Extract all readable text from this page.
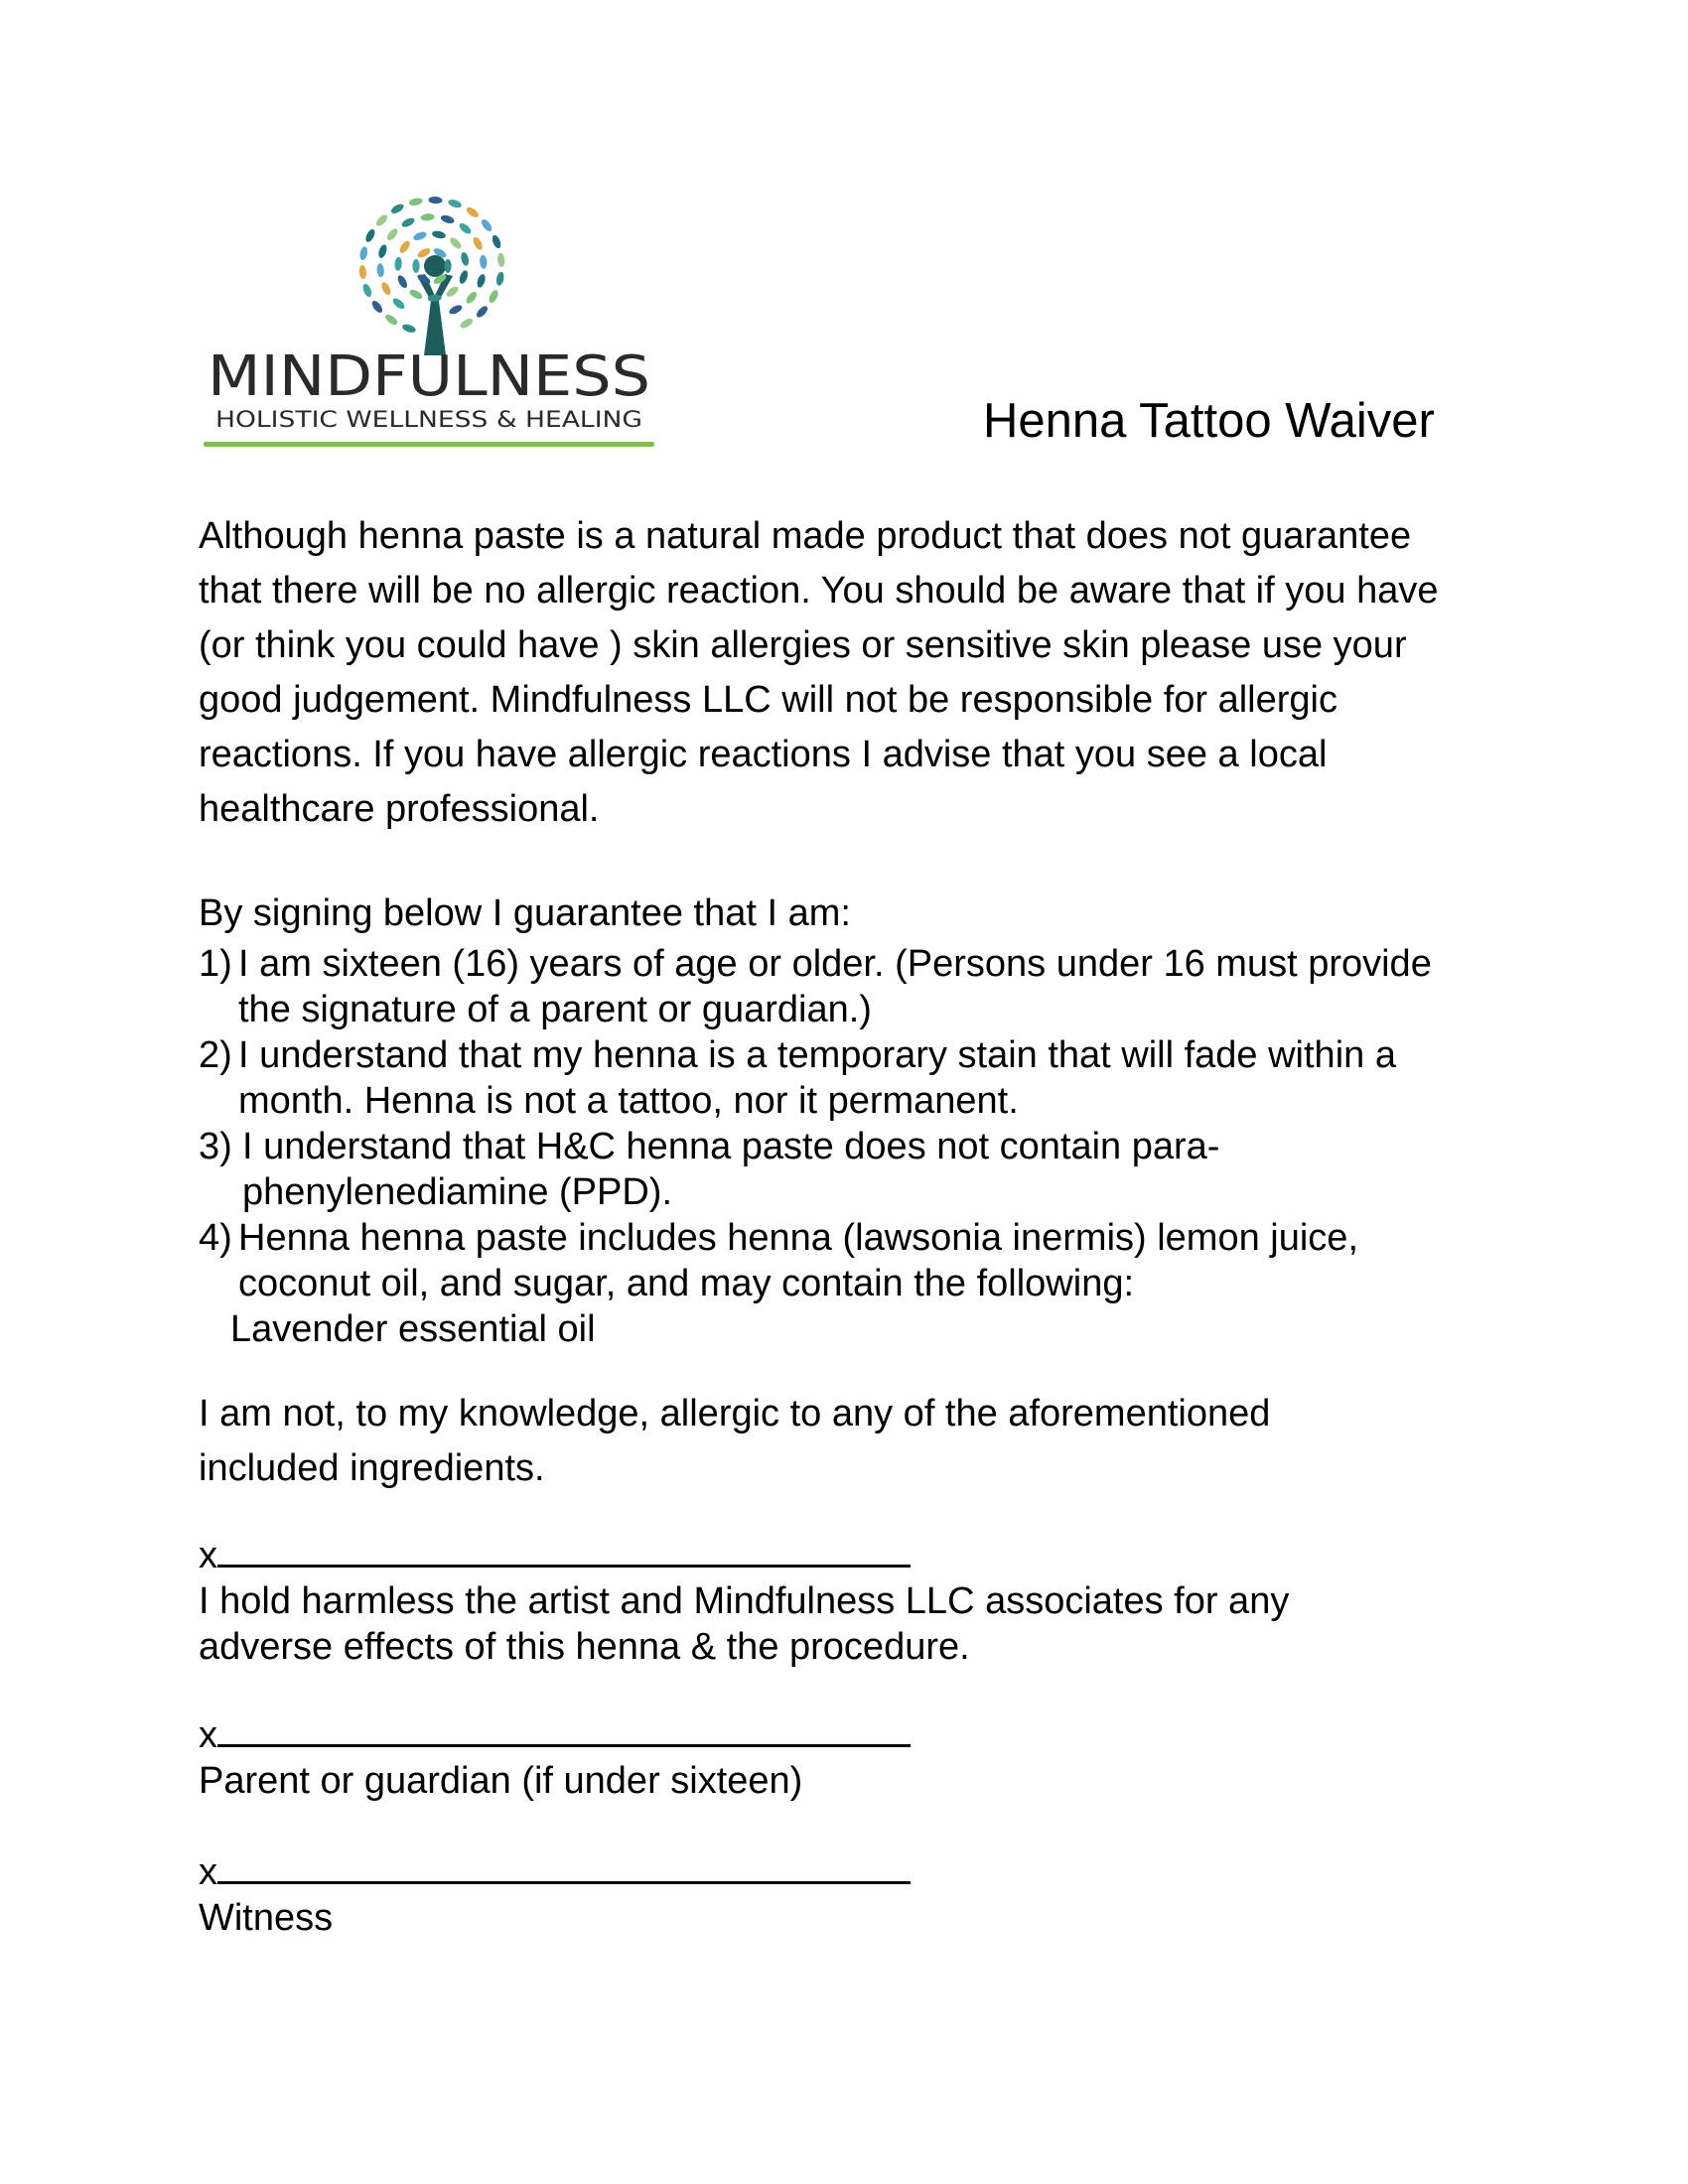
MINDFULNESS
HOLISTIC WELLNESS & HEALING	Henna Tattoo Waiver
Although henna paste is a natural made product that does not guarantee that there will be no allergic reaction. You should be aware that if you have (or think you could have ) skin allergies or sensitive skin please use your good judgement. Mindfulness LLC will not be responsible for allergic reactions. If you have allergic reactions I advise that you see a local healthcare professional.
By signing below I guarantee that I am:
1) I am sixteen (16) years of age or older. (Persons under 16 must provide the signature of a parent or guardian.)
2) I understand that my henna is a temporary stain that will fade within a month. Henna is not a tattoo, nor it permanent.
3) I understand that H&C henna paste does not contain para-phenylenediamine (PPD).
4) Henna henna paste includes henna (lawsonia inermis) lemon juice, coconut oil, and sugar, and may contain the following:
Lavender essential oil
I am not, to my knowledge, allergic to any of the aforementioned included ingredients.
x
I hold harmless the artist and Mindfulness LLC associates for any adverse effects of this henna & the procedure.
x
Parent or guardian (if under sixteen)
x
Witness
